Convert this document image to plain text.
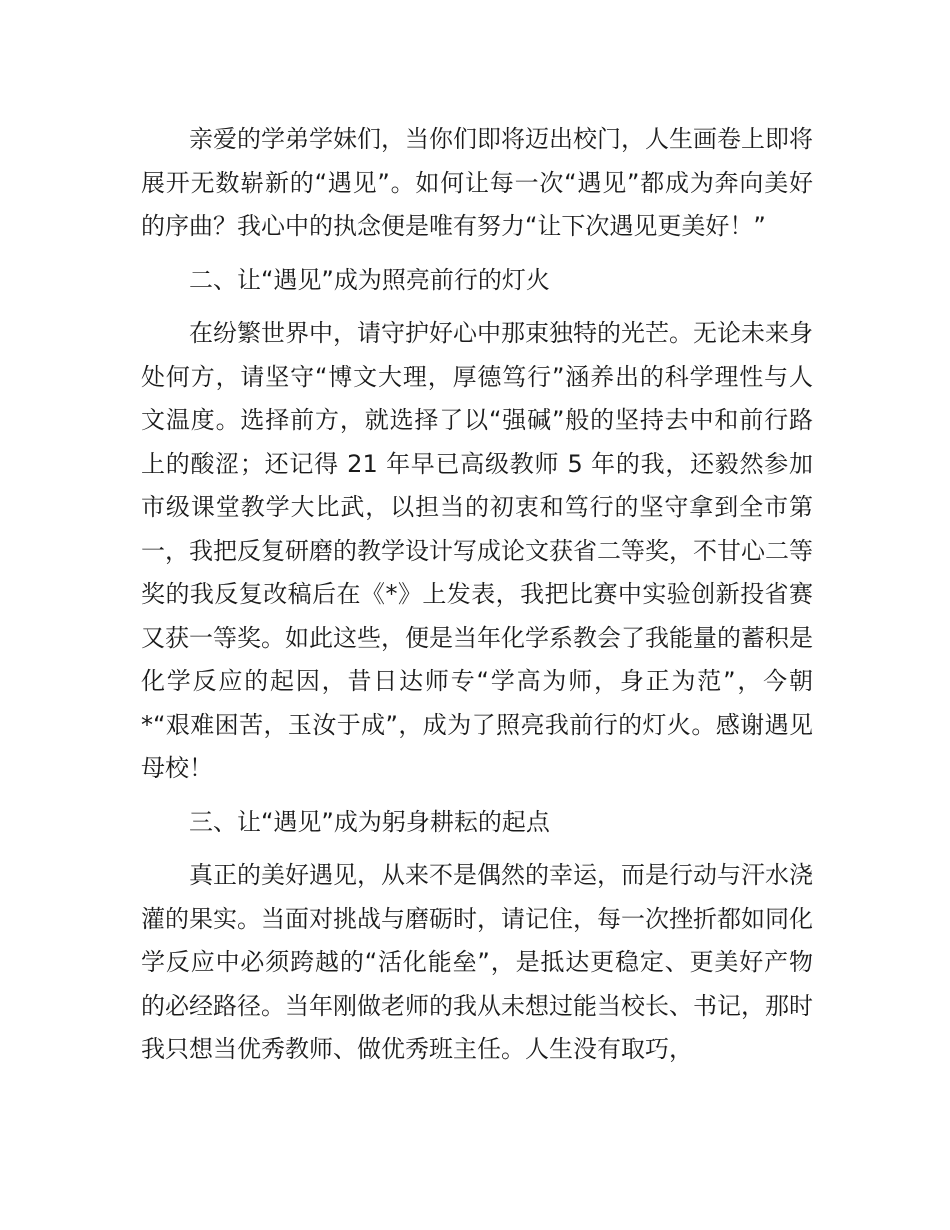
亲爱的学弟学妹们，当你们即将迈出校门，人生画卷上即将展开无数崭新的“遇见”。如何让每一次“遇见”都成为奔向美好的序曲？我心中的执念便是唯有努力“让下次遇见更美好！”

二、让“遇见”成为照亮前行的灯火

在纷繁世界中，请守护好心中那束独特的光芒。无论未来身处何方，请坚守“博文大理，厚德笃行”涵养出的科学理性与人文温度。选择前方，就选择了以“强碱”般的坚持去中和前行路上的酸涩；还记得 21 年早已高级教师 5 年的我，还毅然参加市级课堂教学大比武，以担当的初衷和笃行的坚守拿到全市第一，我把反复研磨的教学设计写成论文获省二等奖，不甘心二等奖的我反复改稿后在《*》上发表，我把比赛中实验创新投省赛又获一等奖。如此这些，便是当年化学系教会了我能量的蓄积是化学反应的起因，昔日达师专“学高为师，身正为范”，今朝*“艰难困苦，玉汝于成”，成为了照亮我前行的灯火。感谢遇见母校！

三、让“遇见”成为躬身耕耘的起点

真正的美好遇见，从来不是偶然的幸运，而是行动与汗水浇灌的果实。当面对挑战与磨砺时，请记住，每一次挫折都如同化学反应中必须跨越的“活化能垒”，是抵达更稳定、更美好产物的必经路径。当年刚做老师的我从未想过能当校长、书记，那时我只想当优秀教师、做优秀班主任。人生没有取巧，
